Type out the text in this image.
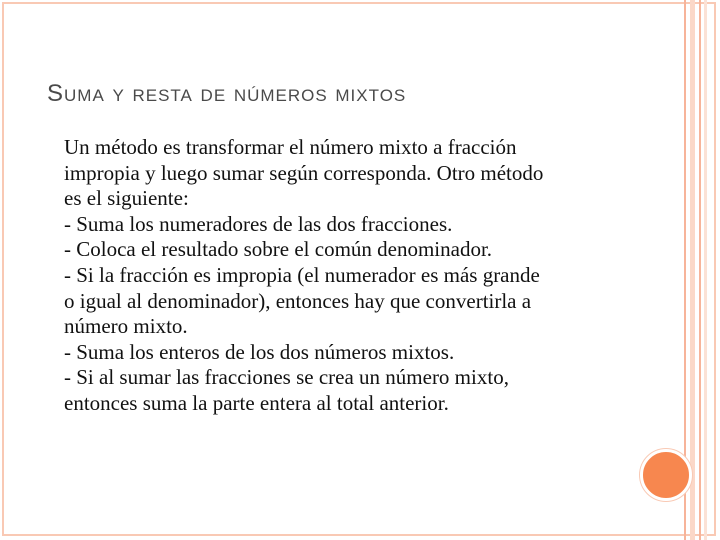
Suma y resta de números mixtos
Un método es transformar el número mixto a fracción
impropia y luego sumar según corresponda. Otro método
es el siguiente:
- Suma los numeradores de las dos fracciones.
- Coloca el resultado sobre el común denominador.
- Si la fracción es impropia (el numerador es más grande
o igual al denominador), entonces hay que convertirla a
número mixto.
- Suma los enteros de los dos números mixtos.
- Si al sumar las fracciones se crea un número mixto,
entonces suma la parte entera al total anterior.
